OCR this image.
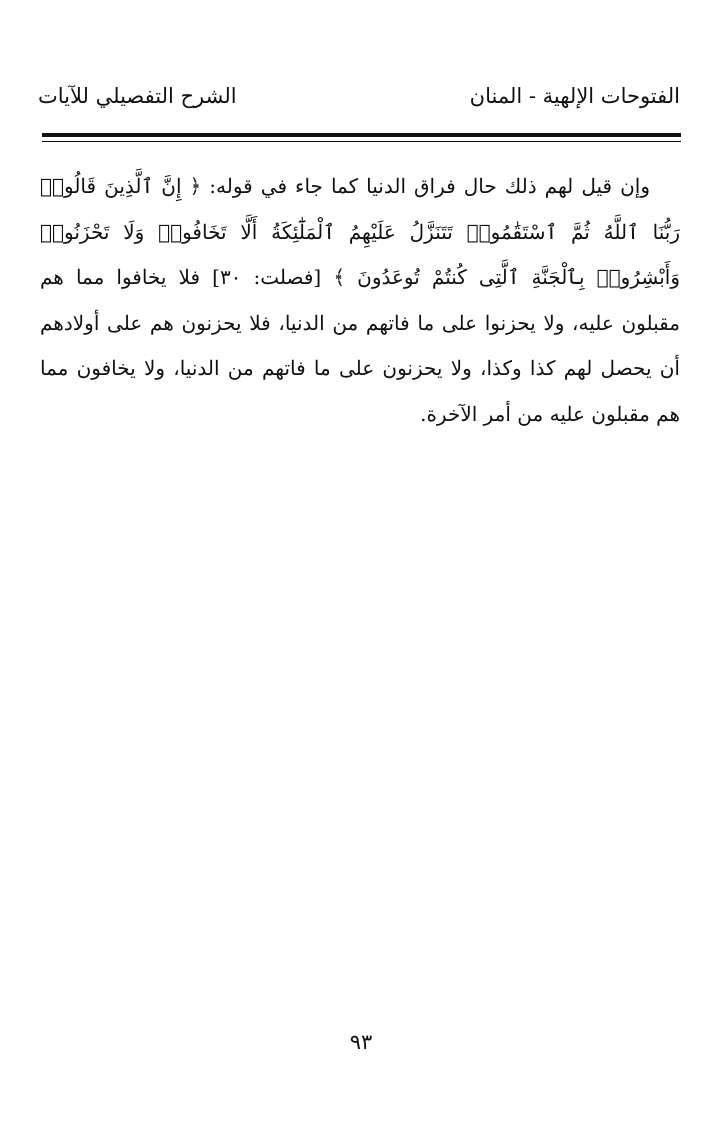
الفتوحات الإلهية - المنان
الشرح التفصيلي للآيات

وإن قيل لهم ذلك حال فراق الدنيا كما جاء في قوله: ﴿ إِنَّ ٱلَّذِينَ قَالُوا۟ رَبُّنَا ٱللَّهُ ثُمَّ ٱسْتَقَٰمُوا۟ تَتَنَزَّلُ عَلَيْهِمُ ٱلْمَلَٰٓئِكَةُ أَلَّا تَخَافُوا۟ وَلَا تَحْزَنُوا۟ وَأَبْشِرُوا۟ بِٱلْجَنَّةِ ٱلَّتِى كُنتُمْ تُوعَدُونَ ﴾ [فصلت: ٣٠] فلا يخافوا مما هم مقبلون عليه، ولا يحزنوا على ما فاتهم من الدنيا، فلا يحزنون هم على أولادهم أن يحصل لهم كذا وكذا، ولا يحزنون على ما فاتهم من الدنيا، ولا يخافون مما هم مقبلون عليه من أمر الآخرة.

٩٣
